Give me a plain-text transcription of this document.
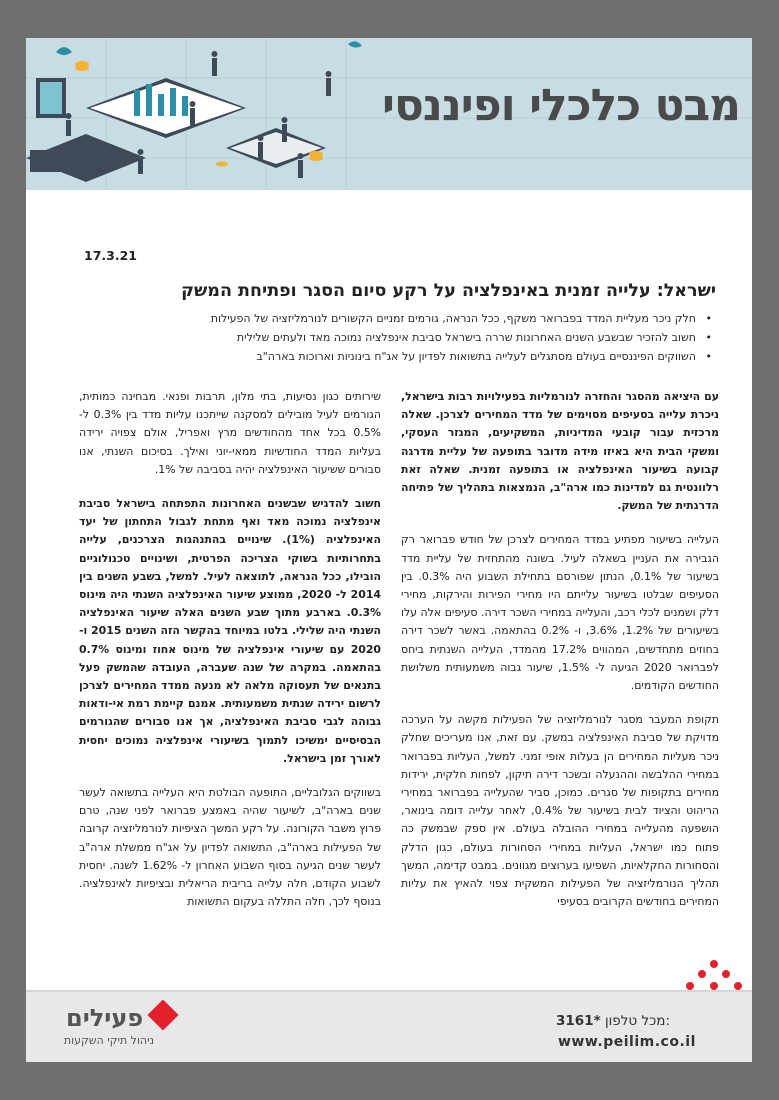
מבט כלכלי ופיננסי
17.3.21
ישראל: עלייה זמנית באינפלציה על רקע סיום הסגר ופתיחת המשק
• חלק ניכר מעליית המדד בפברואר משקף, ככל הנראה, גורמים זמניים הקשורים לנורמליזציה של הפעילות
• חשוב להזכיר שבשבע השנים האחרונות שררה בישראל סביבת אינפלציה נמוכה מאד ולעתים שלילית
• השווקים הפיננסיים בעולם מסתגלים לעלייה בתשואות לפדיון על אג"ח בינוניות וארוכות בארה"ב

עם היציאה מהסגר והחזרה לנורמליות בפעילויות רבות בישראל, ניכרת עלייה בסעיפים מסוימים של מדד המחירים לצרכן. שאלה מרכזית עבור קובעי המדיניות, המשקיעים, המגזר העסקי, ומשקי הבית היא באיזו מידה מדובר בתופעה של עליית מדרגה קבועה בשיעור האינפלציה או בתופעה זמנית. שאלה זאת רלוונטית גם למדינות כמו ארה"ב, הנמצאות בתהליך של פתיחה הדרגתית של המשק.

העלייה בשיעור מפתיע במדד המחירים לצרכן של חודש פברואר רק הגבירה את העניין בשאלה לעיל. בשונה מהתחזית של עליית מדד בשיעור של 0.1%, הנתון שפורסם בתחילת השבוע היה 0.3%. בין הסעיפים שבלטו בשיעור עלייתם היו מחירי הפירות והירקות, מחירי דלק ושמנים לכלי רכב, והעלייה במחירי השכר דירה. סעיפים אלה עלו בשיעורים של 1.2%, 3.6%, ו- 0.2% בהתאמה. באשר לשכר דירה בחוזים מתחדשים, המהווים 17.2% מהמדד, העלייה השנתית ביחס לפברואר 2020 הגיעה ל- 1.5%, שיעור גבוה משמעותית משלושת החודשים הקודמים.

תקופת המעבר מסגר לנורמליזציה של הפעילות מקשה על הערכה מדויקת של סביבת האינפלציה במשק. עם זאת, אנו מעריכים שחלק ניכר מעליות המחירים הן בעלות אופי זמני. למשל, העליות בפברואר במחירי ההלבשה וההנעלה ובשכר דירה תיקון, לפחות חלקית, ירידות מחירים בתקופות של סגרים. כמוכן, סביר שהעלייה בפברואר במחירי הריהוט והציוד לבית בשיעור של 0.4%, לאחר עלייה דומה בינואר, הושפעה מהעלייה במחירי ההובלה בעולם. אין ספק שבמשק כה פתוח כמו ישראל, העליות במחירי הסחורות בעולם, כגון הדלק והסחורות החקלאיות, השפיעו בערוצים מגוונים. במבט קדימה, המשך תהליך הנורמליזציה של הפעילות המשקית צפוי להאיץ את עליות המחירים בחודשים הקרובים בסעיפי

שירותים כגון נסיעות, בתי מלון, תרבות ופנאי. מבחינה כמותית, הגורמים לעיל מובילים למסקנה שייתכנו עליות מדד בין 0.3% ל- 0.5% בכל אחד מהחודשים מרץ ואפריל, אולם צפויה ירידה בעליות המדד החודשיות ממאי-יוני ואילך. בסיכום השנתי, אנו סבורים ששיעור האינפלציה יהיה בסביבה של 1%.

חשוב להדגיש שבשנים האחרונות התפתחה בישראל סביבת אינפלציה נמוכה מאד ואף מתחת לגבול התחתון של יעד האינפלציה (1%). שינויים בהתנהגות הצרכנים, עלייה בתחרותיות בשוקי הצריכה הפרטית, ושינויים טכנולוגיים הובילו, ככל הנראה, לתוצאה לעיל. למשל, בשבע השנים בין 2014 ל- 2020, ממוצע שיעור האינפלציה השנתי היה מינוס 0.3%. בארבע מתוך שבע השנים האלה שיעור האינפלציה השנתי היה שלילי. בלטו במיוחד בהקשר הזה השנים 2015 ו- 2020 עם שיעורי אינפלציה של מינוס אחוז ומינוס 0.7% בהתאמה. במקרה של שנה שעברה, העובדה שהמשק פעל בתנאים של תעסוקה מלאה לא מנעה ממדד המחירים לצרכן לרשום ירידה שנתית משמעותית. אמנם קיימת רמת אי-ודאות גבוהה לגבי סביבת האינפלציה, אך אנו סבורים שהגורמים הבסיסיים ימשיכו לתמוך בשיעורי אינפלציה נמוכים יחסית לאורך זמן בישראל.

בשווקים הגלובליים, התופעה הבולטת היא העלייה בתשואה לעשר שנים בארה"ב, לשיעור שהיה באמצע פברואר לפני שנה, טרם פרוץ משבר הקורונה. על רקע המשך הציפיות לנורמליזציה קרובה של הפעילות בארה"ב, התשואה לפדיון על אג"ח ממשלת ארה"ב לעשר שנים הגיעה בסוף השבוע האחרון ל- 1.62% לשנה. יחסית לשבוע הקודם, חלה עלייה בריבית הריאלית ובציפיות לאינפלציה. בנוסף לכך, חלה התללה בעקום התשואות

פעילים
ניהול תיקי השקעות
3161* מכל טלפון:
www.peilim.co.il
